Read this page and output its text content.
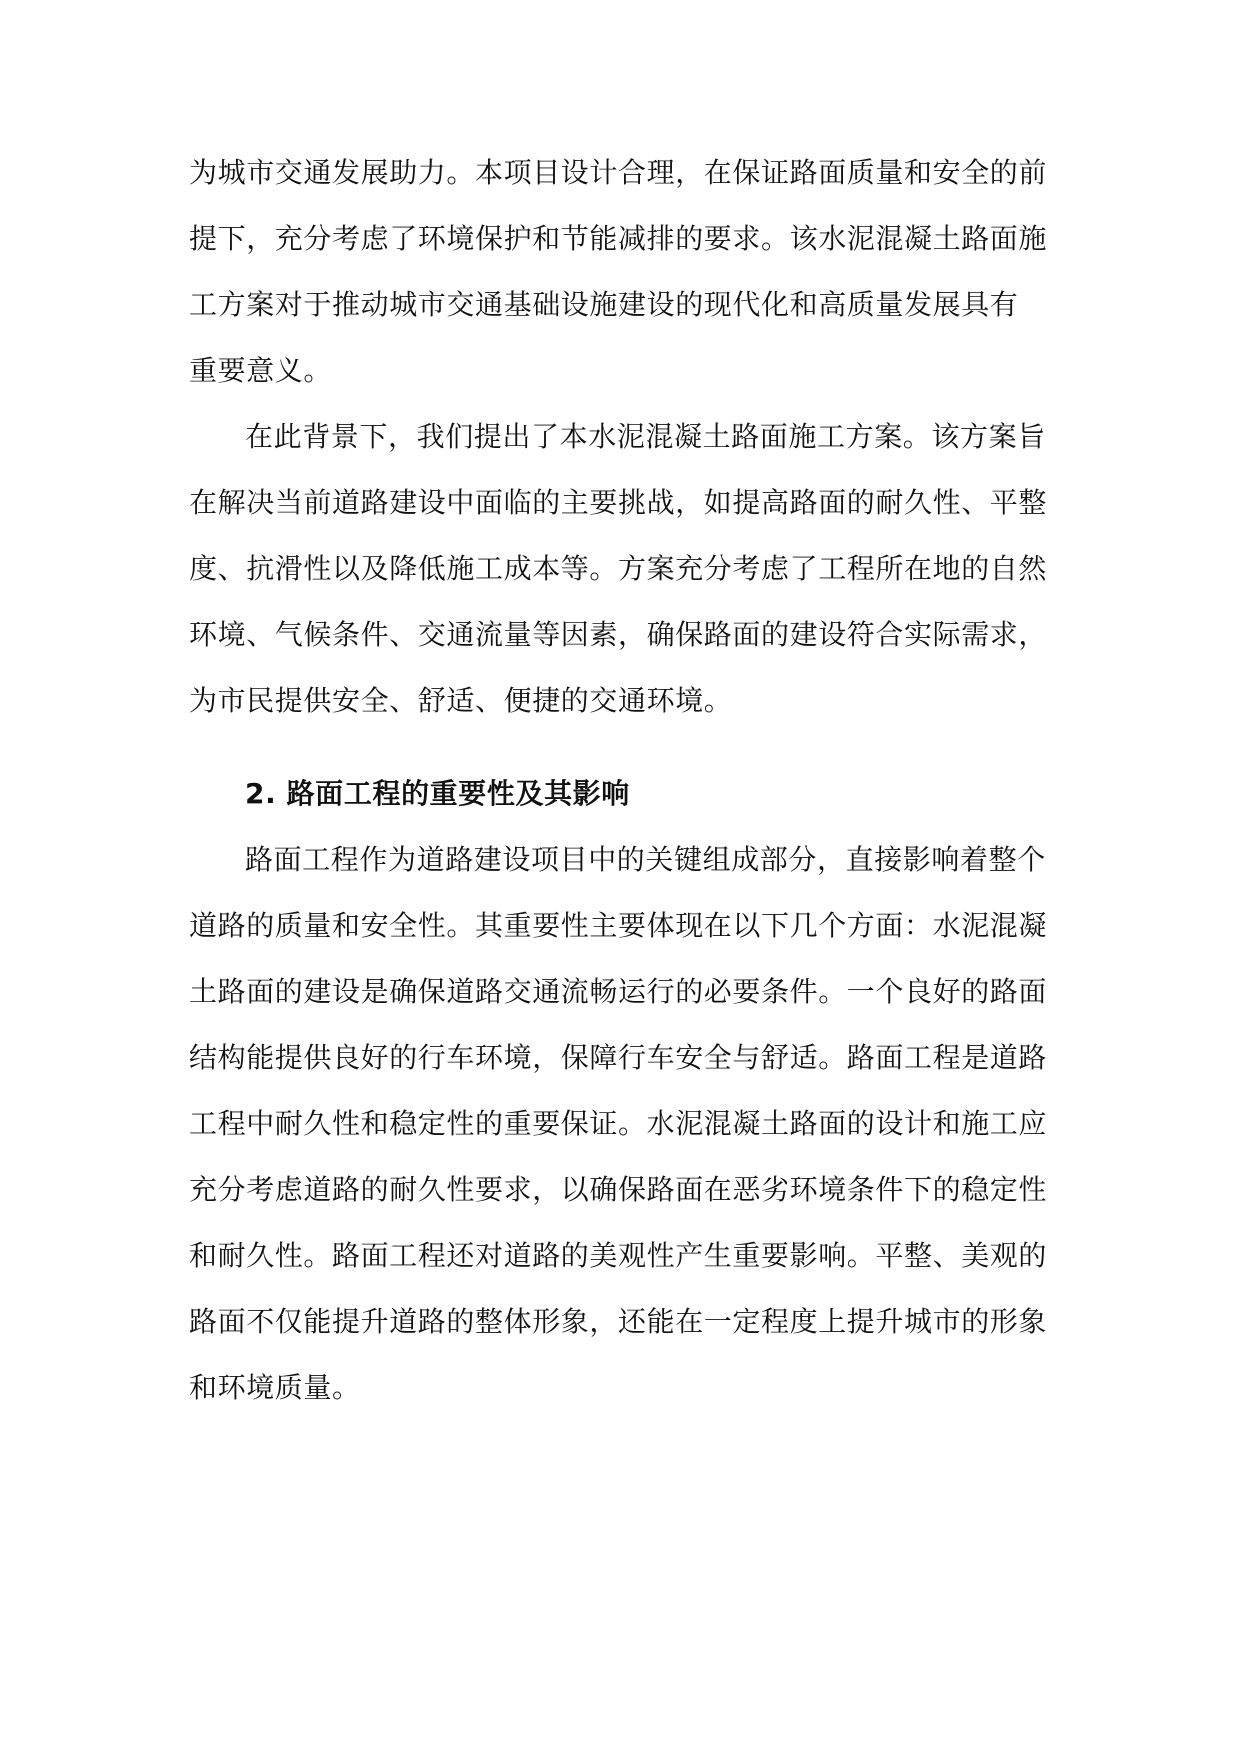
为城市交通发展助力。本项目设计合理，在保证路面质量和安全的前
提下，充分考虑了环境保护和节能减排的要求。该水泥混凝土路面施
工方案对于推动城市交通基础设施建设的现代化和高质量发展具有
重要意义。
在此背景下，我们提出了本水泥混凝土路面施工方案。该方案旨
在解决当前道路建设中面临的主要挑战，如提高路面的耐久性、平整
度、抗滑性以及降低施工成本等。方案充分考虑了工程所在地的自然
环境、气候条件、交通流量等因素，确保路面的建设符合实际需求，
为市民提供安全、舒适、便捷的交通环境。
2. 路面工程的重要性及其影响
路面工程作为道路建设项目中的关键组成部分，直接影响着整个
道路的质量和安全性。其重要性主要体现在以下几个方面：水泥混凝
土路面的建设是确保道路交通流畅运行的必要条件。一个良好的路面
结构能提供良好的行车环境，保障行车安全与舒适。路面工程是道路
工程中耐久性和稳定性的重要保证。水泥混凝土路面的设计和施工应
充分考虑道路的耐久性要求，以确保路面在恶劣环境条件下的稳定性
和耐久性。路面工程还对道路的美观性产生重要影响。平整、美观的
路面不仅能提升道路的整体形象，还能在一定程度上提升城市的形象
和环境质量。
